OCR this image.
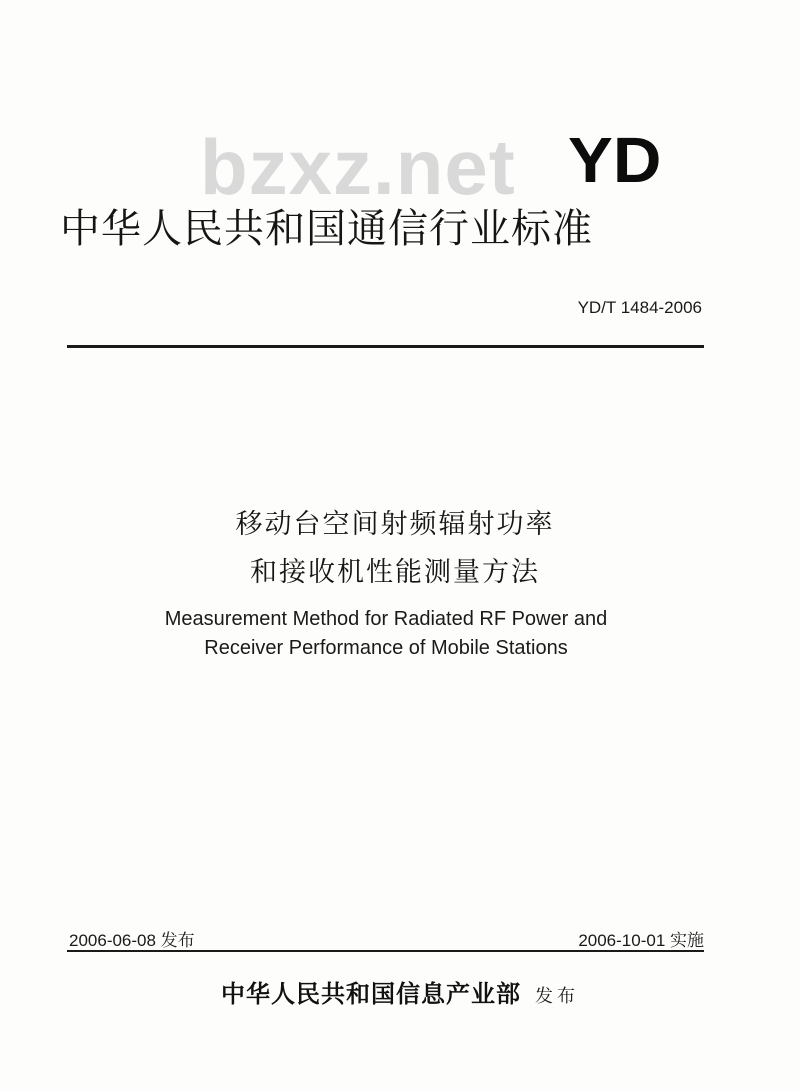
bzxz.net YD
中华人民共和国通信行业标准
YD/T 1484-2006
移动台空间射频辐射功率
和接收机性能测量方法
Measurement Method for Radiated RF Power and
Receiver Performance of Mobile Stations
2006-06-08 发布	2006-10-01 实施
中华人民共和国信息产业部 发布
